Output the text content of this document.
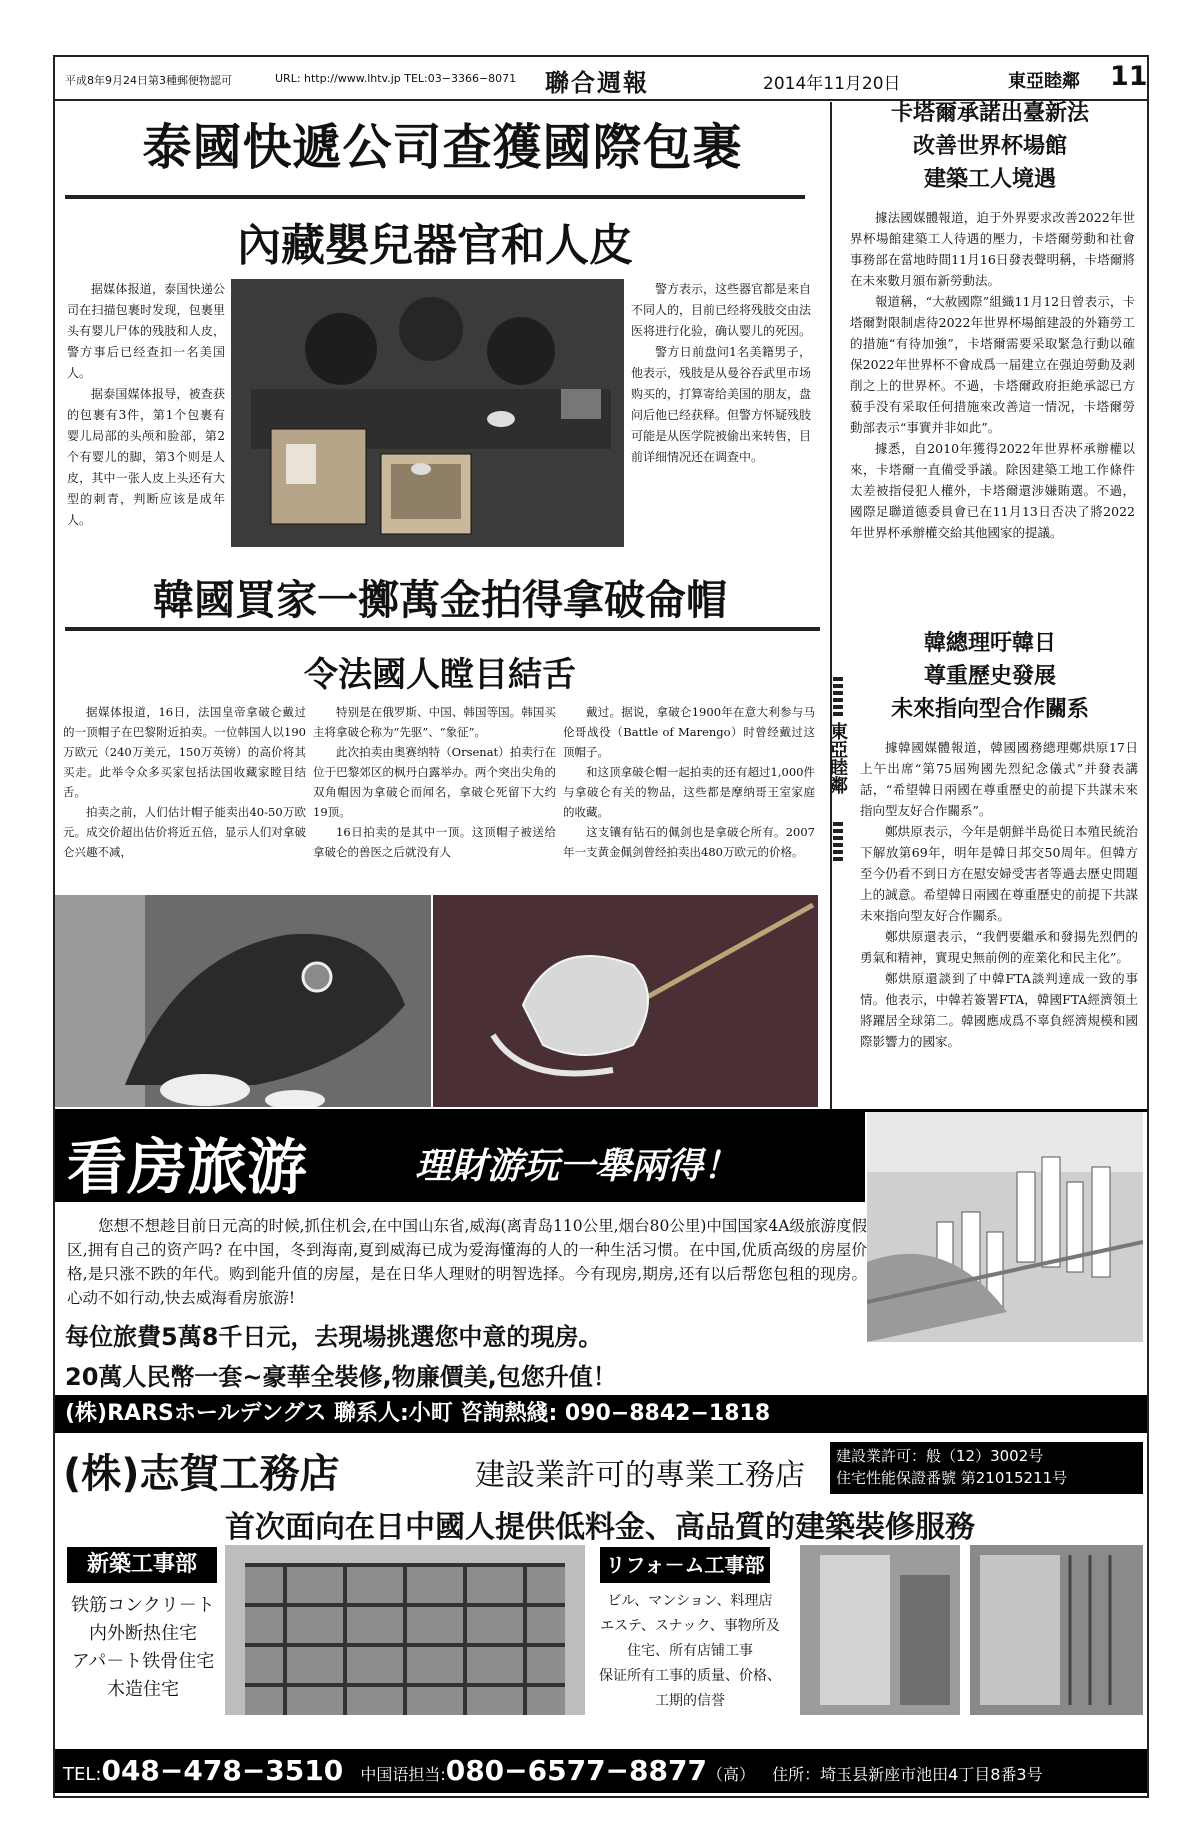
平成8年9月24日第3種郵便物認可	URL: http://www.lhtv.jp TEL:03−3366−8071 聯合週報	2014年11月20日	東亞睦鄰 11
泰國快遞公司查獲國際包裹
內藏嬰兒器官和人皮

据媒体报道，泰国快递公司在扫描包裹时发现，包裹里头有婴儿尸体的残肢和人皮，警方事后已经查扣一名美国人。

据泰国媒体报导，被查获的包裹有3件，第1个包裹有婴儿局部的头颅和脸部，第2个有婴儿的脚，第3个则是人皮，其中一张人皮上头还有大型的刺青，判断应该是成年人。

警方表示，这些器官都是来自不同人的，目前已经将残肢交由法医将进行化验，确认婴儿的死因。

警方日前盘问1名美籍男子，他表示，残肢是从曼谷吞武里市场购买的，打算寄给美国的朋友，盘问后他已经获释。但警方怀疑残肢可能是从医学院被偷出来转售，目前详细情况还在调查中。

韓國買家一擲萬金拍得拿破侖帽
令法國人瞠目結舌

据媒体报道，16日，法国皇帝拿破仑戴过的一顶帽子在巴黎附近拍卖。一位韩国人以190万欧元（240万美元，150万英镑）的高价将其买走。此举令众多买家包括法国收藏家瞠目结舌。

拍卖之前，人们估计帽子能卖出40-50万欧元。成交价超出估价将近五倍，显示人们对拿破仑兴趣不减，

特别是在俄罗斯、中国、韩国等国。韩国买主将拿破仑称为“先驱”、“象征”。

此次拍卖由奥赛纳特（Orsenat）拍卖行在位于巴黎郊区的枫丹白露举办。两个突出尖角的双角帽因为拿破仑而闻名，拿破仑死留下大约19顶。

16日拍卖的是其中一顶。这顶帽子被送给拿破仑的兽医之后就没有人

戴过。据说，拿破仑1900年在意大利参与马伦哥战役（Battle of Marengo）时曾经戴过这顶帽子。

和这顶拿破仑帽一起拍卖的还有超过1,000件与拿破仑有关的物品，这些都是摩纳哥王室家庭的收藏。

这支镶有钻石的佩剑也是拿破仑所有。2007年一支黄金佩剑曾经拍卖出480万欧元的价格。

卡塔爾承諾出臺新法
改善世界杯場館
建築工人境遇

據法國媒體報道，迫于外界要求改善2022年世界杯場館建築工人待遇的壓力，卡塔爾勞動和社會事務部在當地時間11月16日發表聲明稱，卡塔爾將在未來數月頒布新勞動法。

報道稱，“大赦國際”組織11月12日曾表示，卡塔爾對限制虐待2022年世界杯場館建設的外籍勞工的措施“有待加強”，卡塔爾需要采取緊急行動以確保2022年世界杯不會成爲一届建立在强迫勞動及剥削之上的世界杯。不過，卡塔爾政府拒絶承認已方藐手没有采取任何措施來改善這一情况，卡塔爾勞動部表示“事實并非如此”。

據悉，自2010年獲得2022年世界杯承辦權以來，卡塔爾一直備受爭議。除因建築工地工作條件太差被指侵犯人權外，卡塔爾還涉嫌賄選。不過，國際足聯道德委員會已在11月13日否决了將2022年世界杯承辦權交給其他國家的提議。

東亞睦鄰
韓總理吁韓日
尊重歷史發展
未來指向型合作關系

據韓國媒體報道，韓國國務總理鄭烘原17日上午出席“第75屆殉國先烈紀念儀式”并發表講話，“希望韓日兩國在尊重歷史的前提下共謀未來指向型友好合作關系”。

鄭烘原表示，今年是朝鮮半島從日本殖民統治下解放第69年，明年是韓日邦交50周年。但韓方至今仍看不到日方在慰安婦受害者等過去歷史問題上的誠意。希望韓日兩國在尊重歷史的前提下共謀未來指向型友好合作關系。

鄭烘原還表示，“我們要繼承和發揚先烈們的勇氣和精神，實現史無前例的産業化和民主化”。

鄭烘原還談到了中韓FTA談判達成一致的事情。他表示，中韓若簽署FTA，韓國FTA經濟領土將躍居全球第二。韓國應成爲不辜負經濟規模和國際影響力的國家。

看房旅游	理財游玩一舉兩得！
您想不想趁目前日元高的时候,抓住机会,在中国山东省,威海(离青岛110公里,烟台80公里)中国国家4A级旅游度假区,拥有自己的资产吗? 在中国，冬到海南,夏到威海已成为爱海懂海的人的一种生活习惯。在中国,优质高级的房屋价格,是只涨不跌的年代。购到能升值的房屋，是在日华人理财的明智选择。今有现房,期房,还有以后帮您包租的现房。心动不如行动,快去威海看房旅游!
每位旅費5萬8千日元，去現場挑選您中意的現房。
20萬人民幣一套~豪華全裝修,物廉價美,包您升值！
(株)RARSホールデングス 聯系人:小町 咨詢熱綫: 090−8842−1818
(株)志賀工務店	建設業許可的專業工務店
建設業許可：般（12）3002号
住宅性能保證番號 第21015211号
首次面向在日中國人提供低料金、高品質的建築裝修服務
新築工事部
铁筋コンクリ－ト
内外断热住宅
アパ－ト铁骨住宅
木造住宅
リフォ－ム工事部
ビル、マンション、料理店
エステ、スナック、事物所及
住宅、所有店铺工事
保证所有工事的质量、价格、
工期的信誉
TEL:048−478−3510 中国语担当:080−6577−8877（高） 住所：埼玉县新座市池田4丁目8番3号
